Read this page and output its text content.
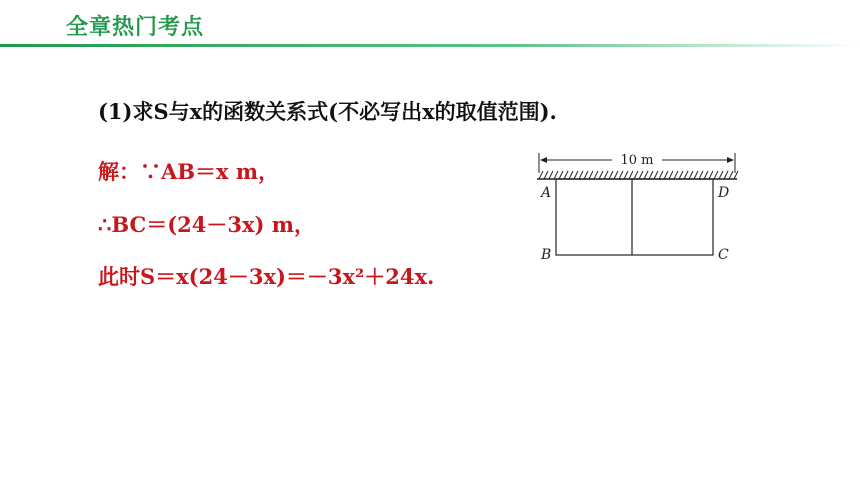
全章热门考点
(1)求S与x的函数关系式(不必写出x的取值范围).
解：∵AB＝x m，
∴BC＝(24－3x) m，
此时S＝x(24－3x)＝－3x²＋24x.
10 m
A	D
B	C
